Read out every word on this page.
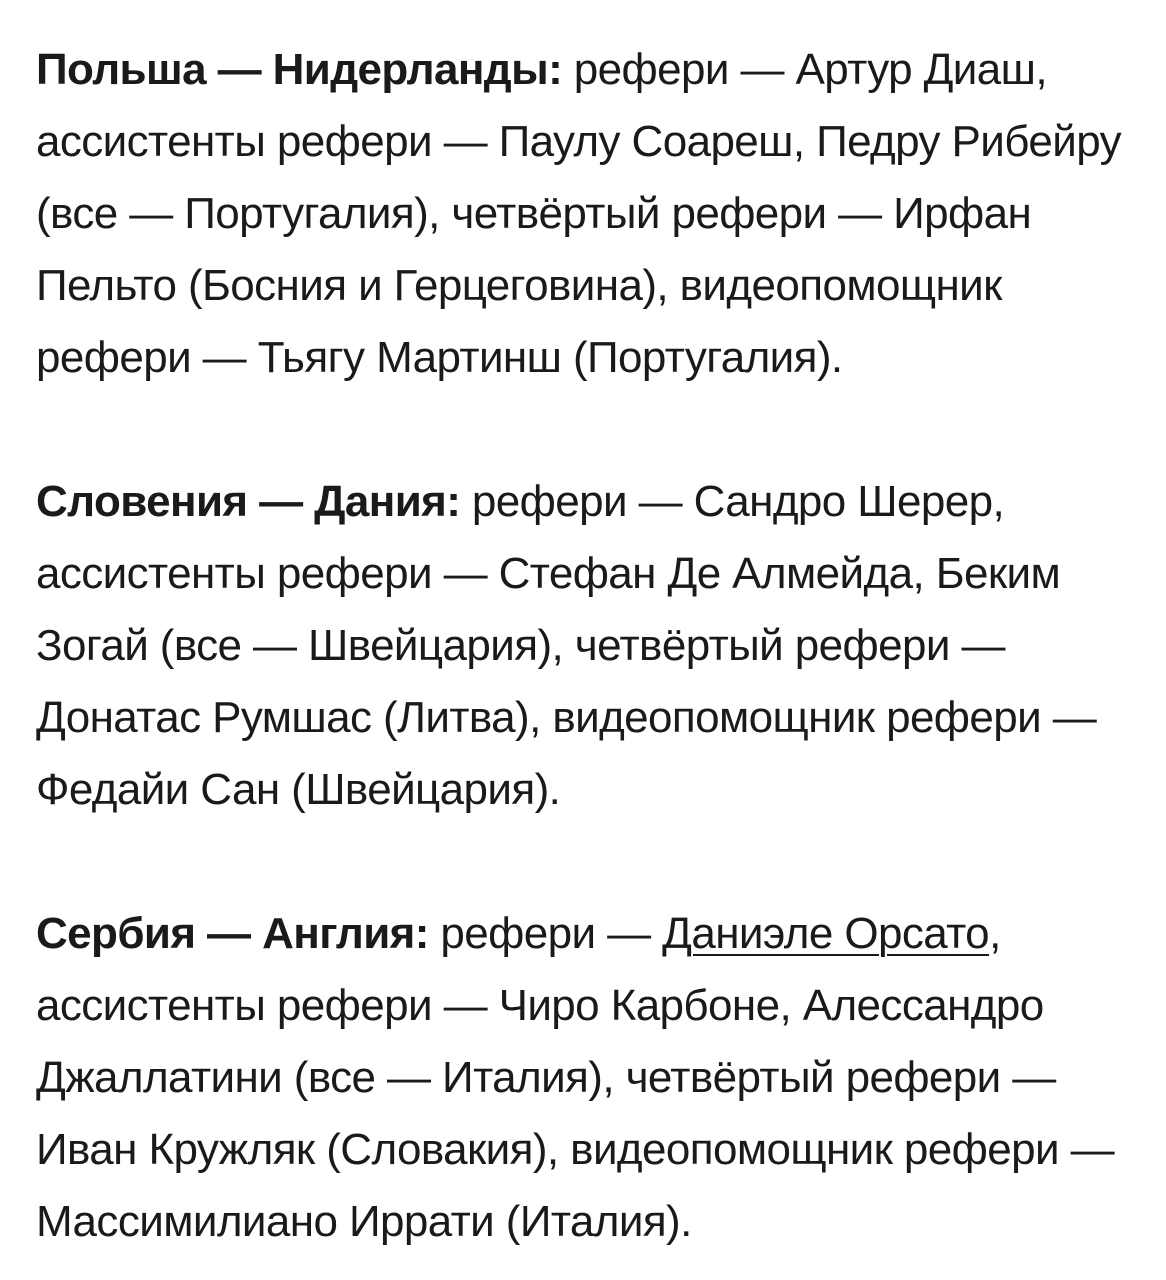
Польша — Нидерланды: рефери — Артур Диаш, ассистенты рефери — Паулу Соареш, Педру Рибейру (все — Португалия), четвёртый рефери — Ирфан Пельто (Босния и Герцеговина), видеопомощник рефери — Тьягу Мартинш (Португалия).

Словения — Дания: рефери — Сандро Шерер, ассистенты рефери — Стефан Де Алмейда, Беким Зогай (все — Швейцария), четвёртый рефери — Донатас Румшас (Литва), видеопомощник рефери — Федайи Сан (Швейцария).

Сербия — Англия: рефери — Даниэле Орсато, ассистенты рефери — Чиро Карбоне, Алессандро Джаллатини (все — Италия), четвёртый рефери — Иван Кружляк (Словакия), видеопомощник рефери — Массимилиано Иррати (Италия).
